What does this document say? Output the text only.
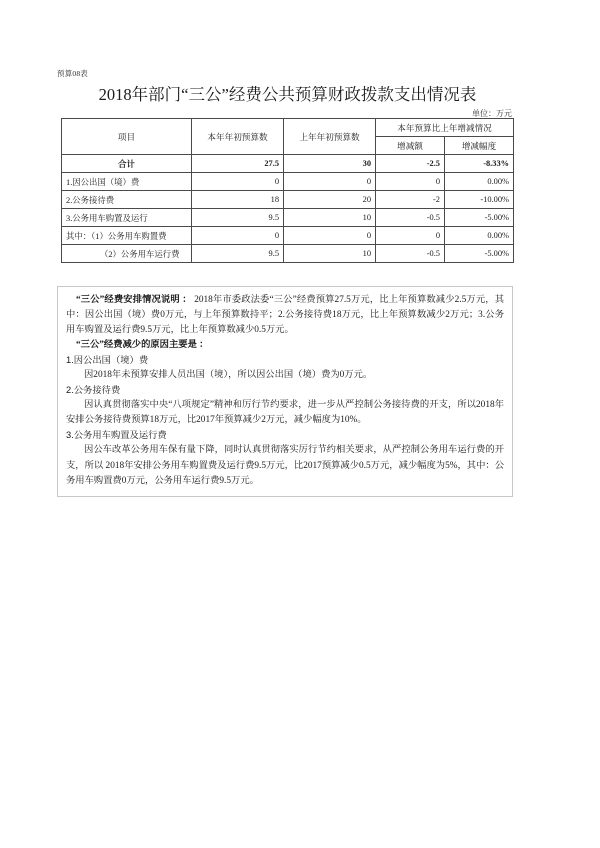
预算08表
2018年部门“三公”经费公共预算财政拨款支出情况表
单位：万元
项目	本年年初预算数	上年年初预算数	本年预算比上年增减情况	
			增减额	增减幅度
合计	27.5	30	-2.5	-8.33%
1.因公出国（境）费	0	0	0	0.00%
2.公务接待费	18	20	-2	-10.00%
3.公务用车购置及运行	9.5	10	-0.5	-5.00%
其中：（1）公务用车购置费	0	0	0	0.00%
（2）公务用车运行费	9.5	10	-0.5	-5.00%

“三公”经费安排情况说明 ： 2018年市委政法委“三公”经费预算27.5万元，比上年预算数减少2.5万元，其中：因公出国（境）费0万元，与上年预算数持平；2.公务接待费18万元，比上年预算数减少2万元；3.公务用车购置及运行费9.5万元，比上年预算数减少0.5万元。

“三公”经费减少的原因主要是 ：

1.因公出国（境）费

因2018年未预算安排人员出国（境），所以因公出国（境）费为0万元。

2.公务接待费

因认真贯彻落实中央“八项规定”精神和厉行节约要求，进一步从严控制公务接待费的开支，所以2018年安排公务接待费预算18万元，比2017年预算减少2万元，减少幅度为10%。

3.公务用车购置及运行费

因公车改革公务用车保有量下降，同时认真贯彻落实厉行节约相关要求，从严控制公务用车运行费的开支，所以 2018年安排公务用车购置费及运行费9.5万元，比2017预算减少0.5万元，减少幅度为5%，其中：公务用车购置费0万元，公务用车运行费9.5万元。
